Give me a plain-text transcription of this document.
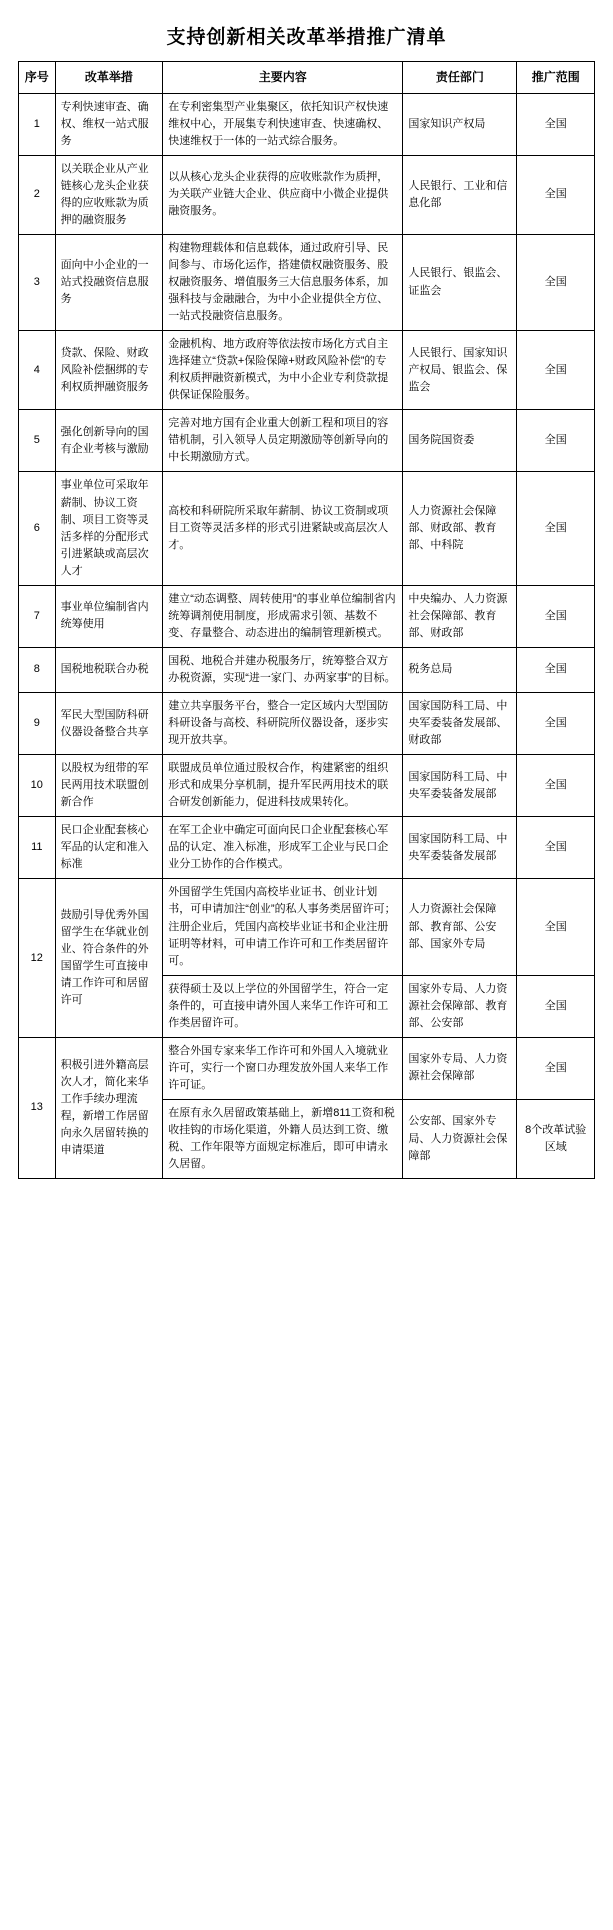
支持创新相关改革举措推广清单
序号	改革举措	主要内容	责任部门	推广范围
1	专利快速审查、确权、维权一站式服务	在专利密集型产业集聚区，依托知识产权快速维权中心，开展集专利快速审查、快速确权、快速维权于一体的一站式综合服务。	国家知识产权局	全国
2	以关联企业从产业链核心龙头企业获得的应收账款为质押的融资服务	以从核心龙头企业获得的应收账款作为质押，为关联产业链大企业、供应商中小微企业提供融资服务。	人民银行、工业和信息化部	全国
3	面向中小企业的一站式投融资信息服务	构建物理载体和信息载体，通过政府引导、民间参与、市场化运作，搭建债权融资服务、股权融资服务、增值服务三大信息服务体系，加强科技与金融融合，为中小企业提供全方位、一站式投融资信息服务。	人民银行、银监会、证监会	全国
4	贷款、保险、财政风险补偿捆绑的专利权质押融资服务	金融机构、地方政府等依法按市场化方式自主选择建立“贷款+保险保障+财政风险补偿”的专利权质押融资新模式，为中小企业专利贷款提供保证保险服务。	人民银行、国家知识产权局、银监会、保监会	全国
5	强化创新导向的国有企业考核与激励	完善对地方国有企业重大创新工程和项目的容错机制，引入领导人员定期激励等创新导向的中长期激励方式。	国务院国资委	全国
6	事业单位可采取年薪制、协议工资制、项目工资等灵活多样的分配形式引进紧缺或高层次人才	高校和科研院所采取年薪制、协议工资制或项目工资等灵活多样的形式引进紧缺或高层次人才。	人力资源社会保障部、财政部、教育部、中科院	全国
7	事业单位编制省内统筹使用	建立“动态调整、周转使用”的事业单位编制省内统筹调剂使用制度，形成需求引领、基数不变、存量整合、动态进出的编制管理新模式。	中央编办、人力资源社会保障部、教育部、财政部	全国
8	国税地税联合办税	国税、地税合并建办税服务厅，统筹整合双方办税资源，实现“进一家门、办两家事”的目标。	税务总局	全国
9	军民大型国防科研仪器设备整合共享	建立共享服务平台，整合一定区域内大型国防科研设备与高校、科研院所仪器设备，逐步实现开放共享。	国家国防科工局、中央军委装备发展部、财政部	全国
10	以股权为纽带的军民两用技术联盟创新合作	联盟成员单位通过股权合作，构建紧密的组织形式和成果分享机制，提升军民两用技术的联合研发创新能力，促进科技成果转化。	国家国防科工局、中央军委装备发展部	全国
11	民口企业配套核心军品的认定和准入标准	在军工企业中确定可面向民口企业配套核心军品的认定、准入标准，形成军工企业与民口企业分工协作的合作模式。	国家国防科工局、中央军委装备发展部	全国
12	鼓励引导优秀外国留学生在华就业创业、符合条件的外国留学生可直接申请工作许可和居留许可	外国留学生凭国内高校毕业证书、创业计划书，可申请加注“创业”的私人事务类居留许可；注册企业后，凭国内高校毕业证书和企业注册证明等材料，可申请工作许可和工作类居留许可。	人力资源社会保障部、教育部、公安部、国家外专局	全国
		获得硕士及以上学位的外国留学生，符合一定条件的，可直接申请外国人来华工作许可和工作类居留许可。	国家外专局、人力资源社会保障部、教育部、公安部	全国
13	积极引进外籍高层次人才，简化来华工作手续办理流程，新增工作居留向永久居留转换的申请渠道	整合外国专家来华工作许可和外国人入境就业许可，实行一个窗口办理发放外国人来华工作许可证。	国家外专局、人力资源社会保障部	全国
		在原有永久居留政策基础上，新增811工资和税收挂钩的市场化渠道，外籍人员达到工资、缴税、工作年限等方面规定标准后，即可申请永久居留。	公安部、国家外专局、人力资源社会保障部	8个改革试验区域
